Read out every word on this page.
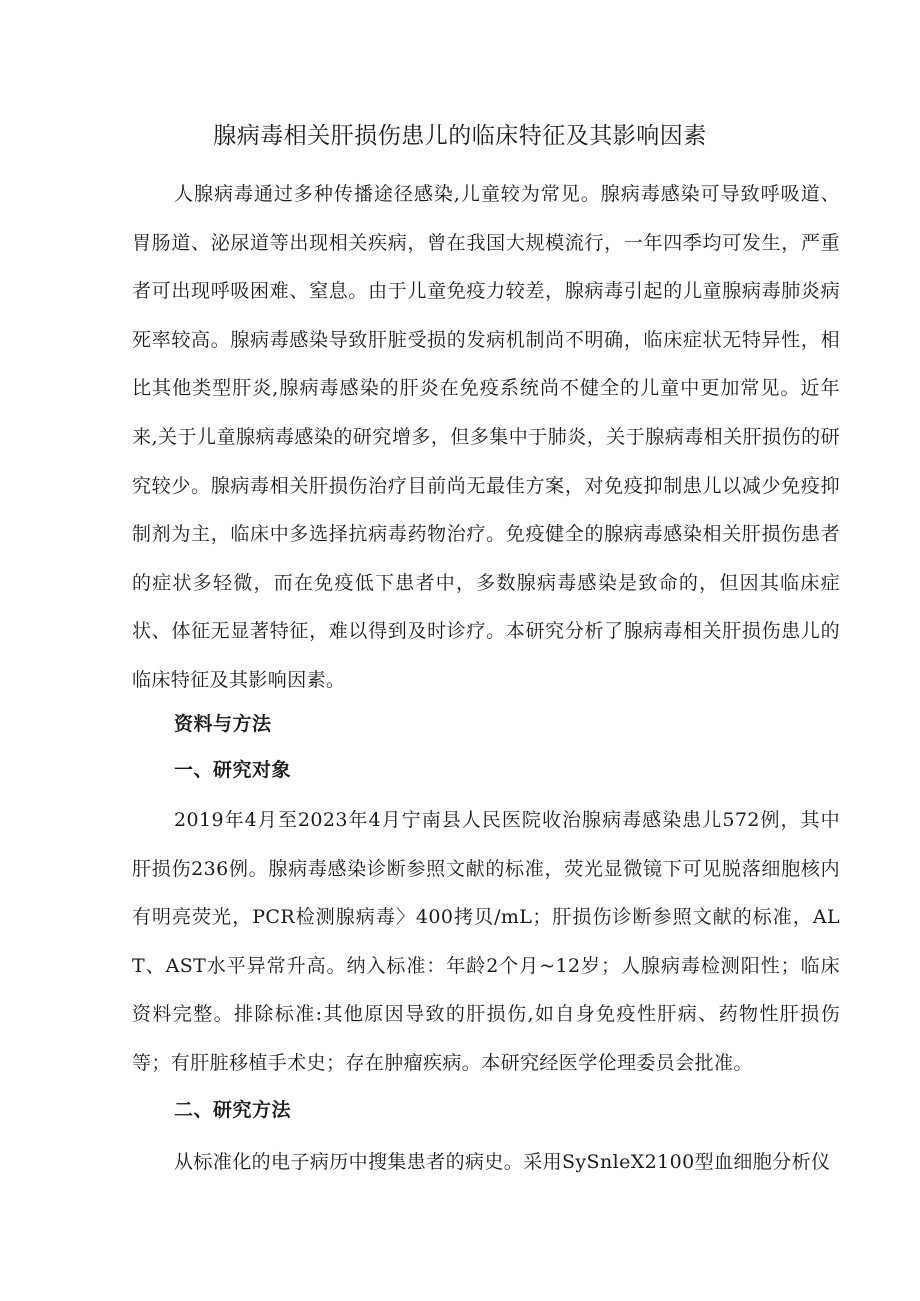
腺病毒相关肝损伤患儿的临床特征及其影响因素

人腺病毒通过多种传播途径感染,儿童较为常见。腺病毒感染可导致呼吸道、胃肠道、泌尿道等出现相关疾病，曾在我国大规模流行，一年四季均可发生，严重者可出现呼吸困难、窒息。由于儿童免疫力较差，腺病毒引起的儿童腺病毒肺炎病死率较高。腺病毒感染导致肝脏受损的发病机制尚不明确，临床症状无特异性，相比其他类型肝炎,腺病毒感染的肝炎在免疫系统尚不健全的儿童中更加常见。近年来,关于儿童腺病毒感染的研究增多，但多集中于肺炎，关于腺病毒相关肝损伤的研究较少。腺病毒相关肝损伤治疗目前尚无最佳方案，对免疫抑制患儿以减少免疫抑制剂为主，临床中多选择抗病毒药物治疗。免疫健全的腺病毒感染相关肝损伤患者的症状多轻微，而在免疫低下患者中，多数腺病毒感染是致命的，但因其临床症状、体征无显著特征，难以得到及时诊疗。本研究分析了腺病毒相关肝损伤患儿的临床特征及其影响因素。

资料与方法
一、研究对象

2019年4月至2023年4月宁南县人民医院收治腺病毒感染患儿572例，其中肝损伤236例。腺病毒感染诊断参照文献的标准，荧光显微镜下可见脱落细胞核内有明亮荧光，PCR检测腺病毒〉400拷贝/mL；肝损伤诊断参照文献的标准，ALT、AST水平异常升高。纳入标准：年龄2个月~12岁；人腺病毒检测阳性；临床资料完整。排除标准:其他原因导致的肝损伤,如自身免疫性肝病、药物性肝损伤等；有肝脏移植手术史；存在肿瘤疾病。本研究经医学伦理委员会批准。

二、研究方法

从标准化的电子病历中搜集患者的病史。采用SySnleX2100型血细胞分析仪
